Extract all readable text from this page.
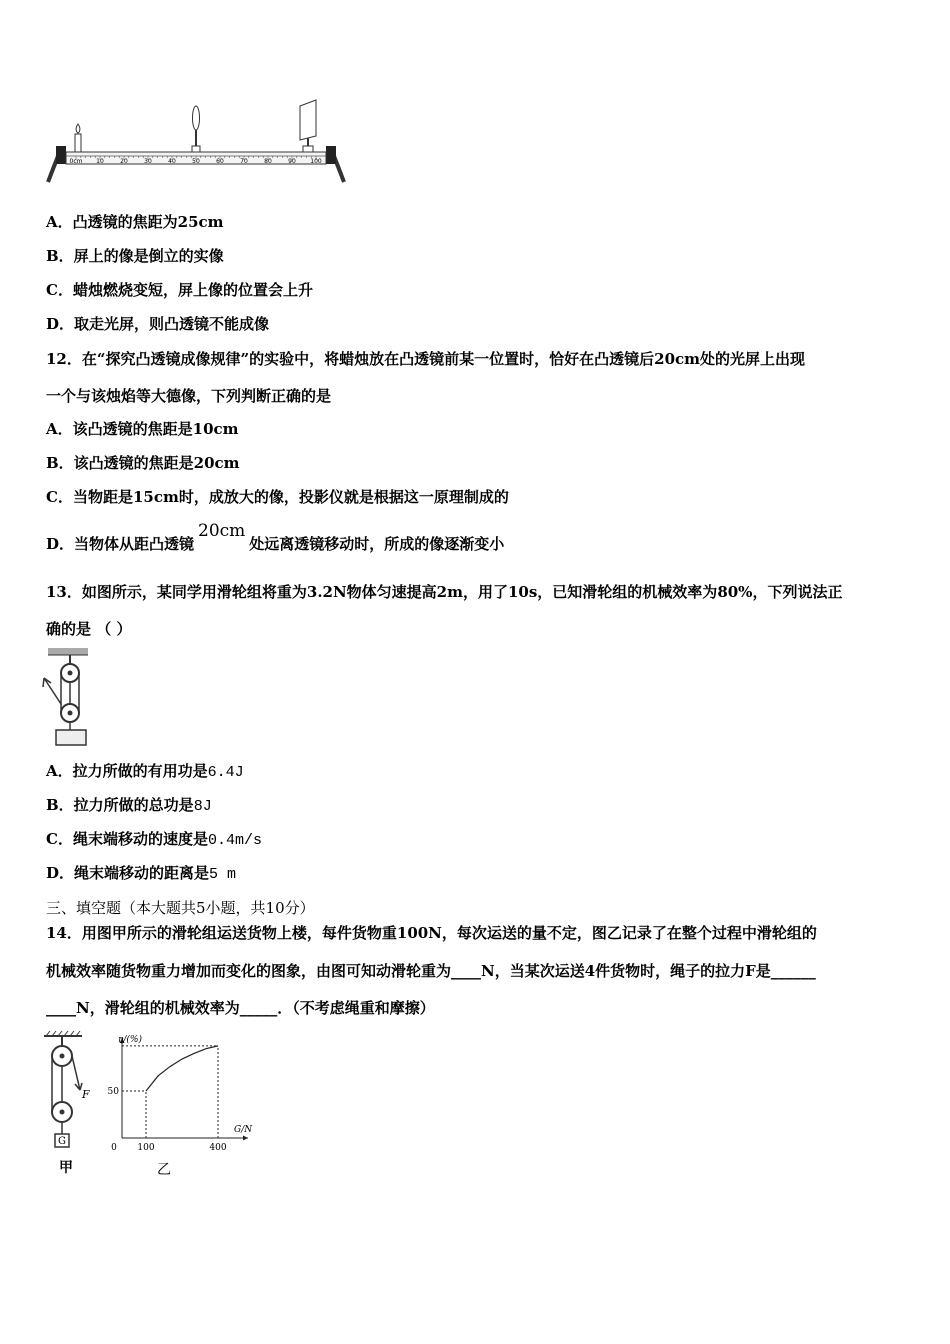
0cm 10	20	30	40	50	60	70	80	90 100
A．凸透镜的焦距为25cm
B．屏上的像是倒立的实像
C．蜡烛燃烧变短，屏上像的位置会上升
D．取走光屏，则凸透镜不能成像
12．在“探究凸透镜成像规律”的实验中，将蜡烛放在凸透镜前某一位置时，恰好在凸透镜后20cm处的光屏上出现
一个与该烛焰等大德像，下列判断正确的是
A．该凸透镜的焦距是10cm
B．该凸透镜的焦距是20cm
C．当物距是15cm时，成放大的像，投影仪就是根据这一原理制成的
D．当物体从距凸透镜20cm处远离透镜移动时，所成的像逐渐变小
13．如图所示，某同学用滑轮组将重为3.2N物体匀速提高2m，用了10s，已知滑轮组的机械效率为80%，下列说法正
确的是 （ ）
A．拉力所做的有用功是6.4J
B．拉力所做的总功是8J
C．绳末端移动的速度是0.4m/s
D．绳末端移动的距离是5 m
三、填空题（本大题共5小题，共10分）
14．用图甲所示的滑轮组运送货物上楼，每件货物重100N，每次运送的量不定，图乙记录了在整个过程中滑轮组的
机械效率随货物重力增加而变化的图象，由图可知动滑轮重为____N，当某次运送4件货物时，绳子的拉力F是______
____N，滑轮组的机械效率为_____．（不考虑绳重和摩擦）
F
G
甲
η/(%)
G/N
0 100	400
50
乙
